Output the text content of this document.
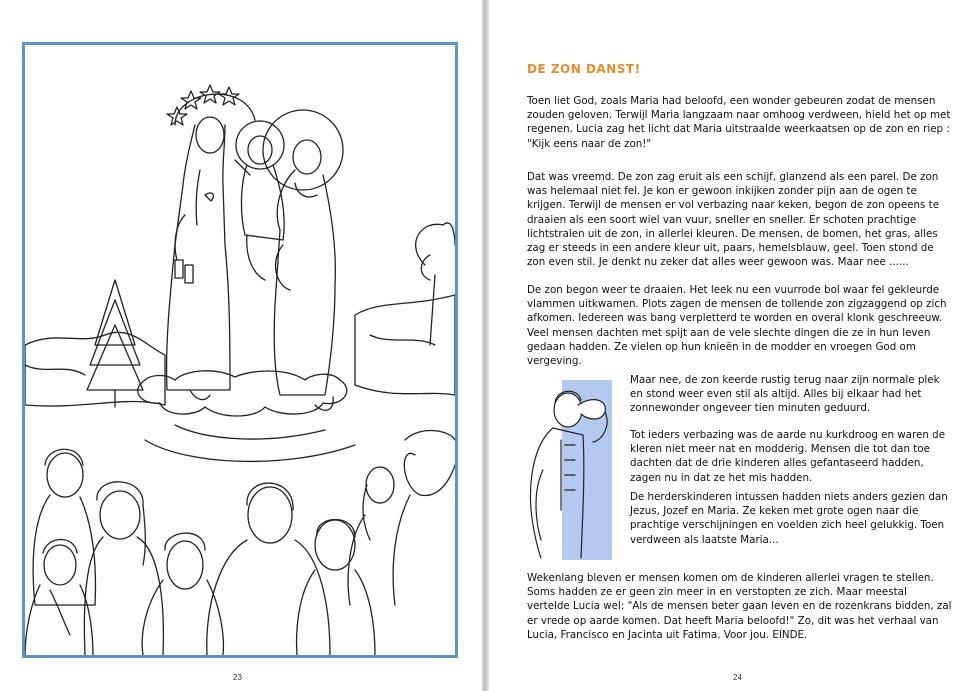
23
DE ZON DANST!

Toen liet God, zoals Maria had beloofd, een wonder gebeuren zodat de mensen zouden geloven. Terwijl Maria langzaam naar omhoog verdween, hield het op met regenen. Lucia zag het licht dat Maria uitstraalde weerkaatsen op de zon en riep : "Kijk eens naar de zon!"

Dat was vreemd. De zon zag eruit als een schijf, glanzend als een parel. De zon was helemaal niet fel. Je kon er gewoon inkijken zonder pijn aan de ogen te krijgen. Terwijl de mensen er vol verbazing naar keken, begon de zon opeens te draaien als een soort wiel van vuur, sneller en sneller. Er schoten prachtige lichtstralen uit de zon, in allerlei kleuren. De mensen, de bomen, het gras, alles zag er steeds in een andere kleur uit, paars, hemelsblauw, geel. Toen stond de zon even stil. Je denkt nu zeker dat alles weer gewoon was. Maar nee ......

De zon begon weer te draaien. Het leek nu een vuurrode bol waar fel gekleurde vlammen uitkwamen. Plots zagen de mensen de tollende zon zigzaggend op zich afkomen. Iedereen was bang verpletterd te worden en overal klonk geschreeuw. Veel mensen dachten met spijt aan de vele slechte dingen die ze in hun leven gedaan hadden. Ze vielen op hun knieën in de modder en vroegen God om vergeving.

Maar nee, de zon keerde rustig terug naar zijn normale plek en stond weer even stil als altijd. Alles bij elkaar had het zonnewonder ongeveer tien minuten geduurd.

Tot ieders verbazing was de aarde nu kurkdroog en waren de kleren niet meer nat en modderig. Mensen die tot dan toe dachten dat de drie kinderen alles gefantaseerd hadden, zagen nu in dat ze het mis hadden.

De herderskinderen intussen hadden niets anders gezien dan Jezus, Jozef en Maria. Ze keken met grote ogen naar die prachtige verschijningen en voelden zich heel gelukkig. Toen verdween als laatste Maria...

Wekenlang bleven er mensen komen om de kinderen allerlei vragen te stellen. Soms hadden ze er geen zin meer in en verstopten ze zich. Maar meestal vertelde Lucia wel: "Als de mensen beter gaan leven en de rozenkrans bidden, zal er vrede op aarde komen. Dat heeft Maria beloofd!" Zo, dit was het verhaal van Lucia, Francisco en Jacinta uit Fatima. Voor jou. EINDE.

24
